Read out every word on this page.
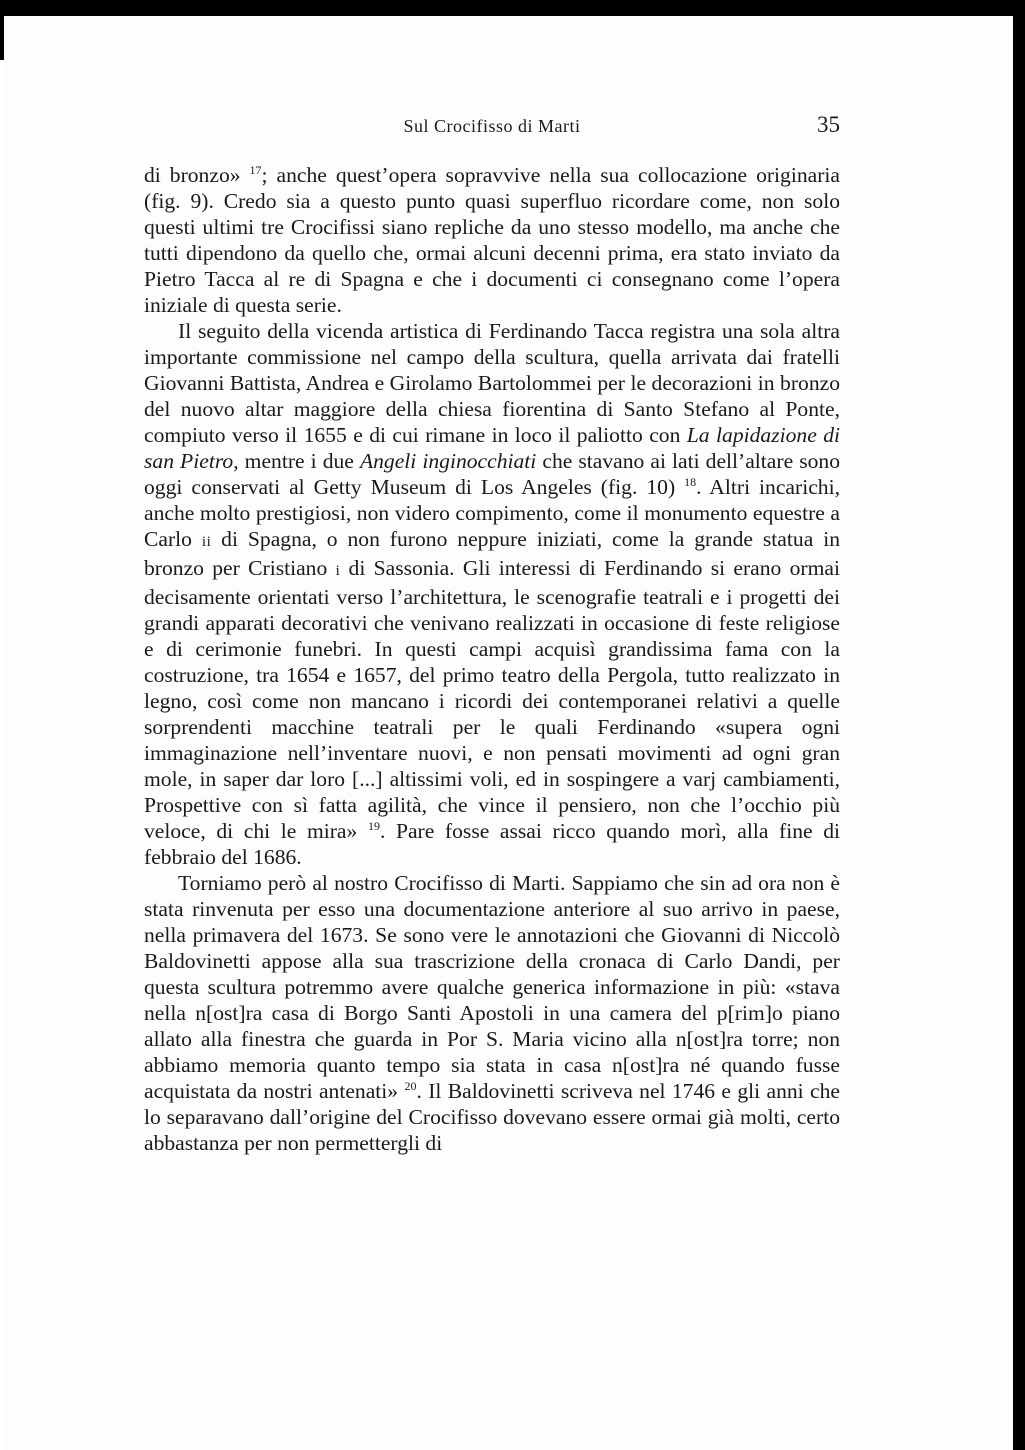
Sul Crocifisso di Marti	35

di bronzo» $^{17}$; anche quest’opera sopravvive nella sua collocazione originaria (fig. 9). Credo sia a questo punto quasi superfluo ricordare come, non solo questi ultimi tre Crocifissi siano repliche da uno stesso modello, ma anche che tutti dipendono da quello che, ormai alcuni decenni prima, era stato inviato da Pietro Tacca al re di Spagna e che i documenti ci consegnano come l’opera iniziale di questa serie.

Il seguito della vicenda artistica di Ferdinando Tacca registra una sola altra importante commissione nel campo della scultura, quella arrivata dai fratelli Giovanni Battista, Andrea e Girolamo Bartolommei per le decorazioni in bronzo del nuovo altar maggiore della chiesa fiorentina di Santo Stefano al Ponte, compiuto verso il 1655 e di cui rimane in loco il paliotto con La lapidazione di san Pietro, mentre i due Angeli inginocchiati che stavano ai lati dell’altare sono oggi conservati al Getty Museum di Los Angeles (fig. 10) $^{18}$. Altri incarichi, anche molto prestigiosi, non videro compimento, come il monumento equestre a Carlo ii di Spagna, o non furono neppure iniziati, come la grande statua in bronzo per Cristiano i di Sassonia. Gli interessi di Ferdinando si erano ormai decisamente orientati verso l’architettura, le scenografie teatrali e i progetti dei grandi apparati decorativi che venivano realizzati in occasione di feste religiose e di cerimonie funebri. In questi campi acquisì grandissima fama con la costruzione, tra 1654 e 1657, del primo teatro della Pergola, tutto realizzato in legno, così come non mancano i ricordi dei contemporanei relativi a quelle sorprendenti macchine teatrali per le quali Ferdinando «supera ogni immaginazione nell’inventare nuovi, e non pensati movimenti ad ogni gran mole, in saper dar loro [...] altissimi voli, ed in sospingere a varj cambiamenti, Prospettive con sì fatta agilità, che vince il pensiero, non che l’occhio più veloce, di chi le mira» $^{19}$. Pare fosse assai ricco quando morì, alla fine di febbraio del 1686.

Torniamo però al nostro Crocifisso di Marti. Sappiamo che sin ad ora non è stata rinvenuta per esso una documentazione anteriore al suo arrivo in paese, nella primavera del 1673. Se sono vere le annotazioni che Giovanni di Niccolò Baldovinetti appose alla sua trascrizione della cronaca di Carlo Dandi, per questa scultura potremmo avere qualche generica informazione in più: «stava nella n[ost]ra casa di Borgo Santi Apostoli in una camera del p[rim]o piano allato alla finestra che guarda in Por S. Maria vicino alla n[ost]ra torre; non abbiamo memoria quanto tempo sia stata in casa n[ost]ra né quando fusse acquistata da nostri antenati» $^{20}$. Il Baldovinetti scriveva nel 1746 e gli anni che lo separavano dall’origine del Crocifisso dovevano essere ormai già molti, certo abbastanza per non permettergli di
